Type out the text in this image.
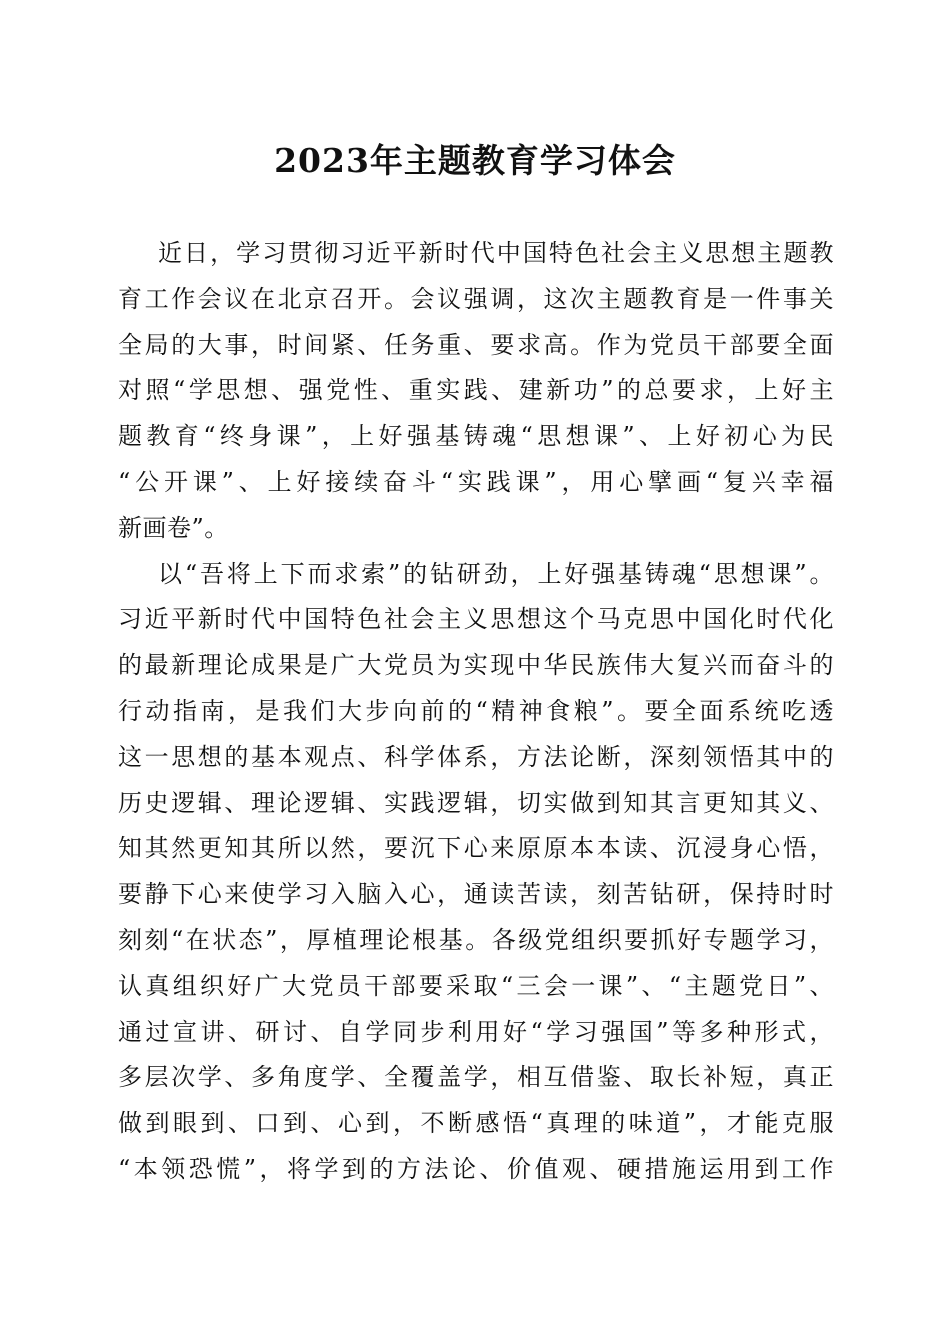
2023年主题教育学习体会
近日，学习贯彻习近平新时代中国特色社会主义思想主题教
育工作会议在北京召开。会议强调，这次主题教育是一件事关
全局的大事，时间紧、任务重、要求高。作为党员干部要全面
对照“学思想、强党性、重实践、建新功”的总要求，上好主
题教育“终身课”，上好强基铸魂“思想课”、上好初心为民
“公开课”、上好接续奋斗“实践课”，用心擘画“复兴幸福
新画卷”。
以“吾将上下而求索”的钻研劲，上好强基铸魂“思想课”。
习近平新时代中国特色社会主义思想这个马克思中国化时代化
的最新理论成果是广大党员为实现中华民族伟大复兴而奋斗的
行动指南，是我们大步向前的“精神食粮”。要全面系统吃透
这一思想的基本观点、科学体系，方法论断，深刻领悟其中的
历史逻辑、理论逻辑、实践逻辑，切实做到知其言更知其义、
知其然更知其所以然，要沉下心来原原本本读、沉浸身心悟，
要静下心来使学习入脑入心，通读苦读，刻苦钻研，保持时时
刻刻“在状态”，厚植理论根基。各级党组织要抓好专题学习，
认真组织好广大党员干部要采取“三会一课”、“主题党日”、
通过宣讲、研讨、自学同步利用好“学习强国”等多种形式，
多层次学、多角度学、全覆盖学，相互借鉴、取长补短，真正
做到眼到、口到、心到，不断感悟“真理的味道”，才能克服
“本领恐慌”，将学到的方法论、价值观、硬措施运用到工作
